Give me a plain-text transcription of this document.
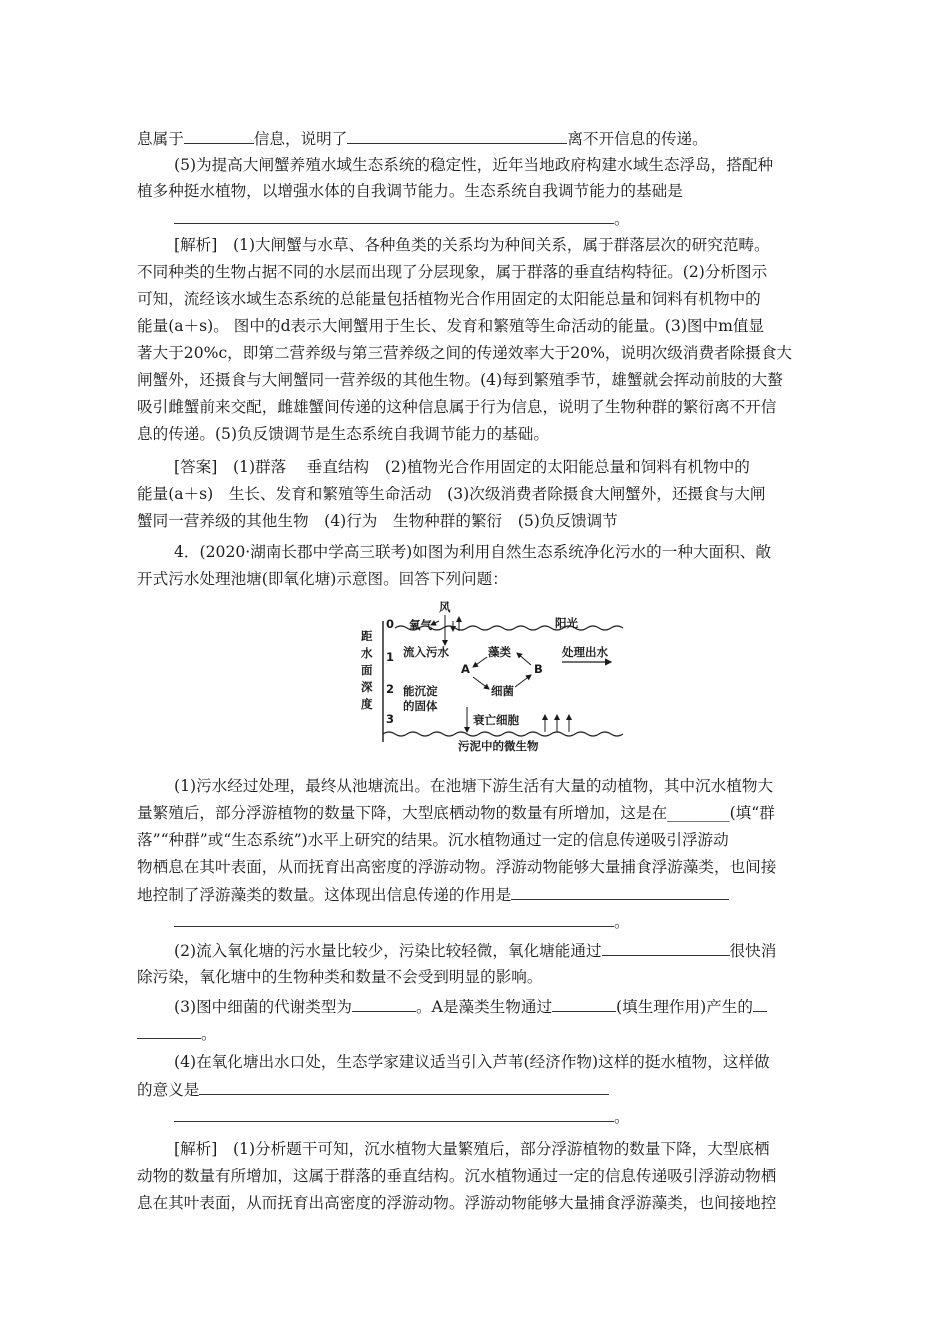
息属于	信息，说明了	离不开信息的传递。
(5)为提高大闸蟹养殖水域生态系统的稳定性，近年当地政府构建水域生态浮岛，搭配种
植多种挺水植物，以增强水体的自我调节能力。生态系统自我调节能力的基础是
。
[解析]　(1)大闸蟹与水草、各种鱼类的关系均为种间关系，属于群落层次的研究范畴。
不同种类的生物占据不同的水层而出现了分层现象，属于群落的垂直结构特征。(2)分析图示
可知，流经该水域生态系统的总能量包括植物光合作用固定的太阳能总量和饲料有机物中的
能量(a＋s)。 图中的d表示大闸蟹用于生长、发育和繁殖等生命活动的能量。(3)图中m值显
著大于20%c，即第二营养级与第三营养级之间的传递效率大于20%，说明次级消费者除摄食大
闸蟹外，还摄食与大闸蟹同一营养级的其他生物。(4)每到繁殖季节，雄蟹就会挥动前肢的大螯
吸引雌蟹前来交配，雌雄蟹间传递的这种信息属于行为信息，说明了生物种群的繁衍离不开信
息的传递。(5)负反馈调节是生态系统自我调节能力的基础。
[答案]　(1)群落　 垂直结构　(2)植物光合作用固定的太阳能总量和饲料有机物中的
能量(a＋s)　生长、发育和繁殖等生命活动　(3)次级消费者除摄食大闸蟹外，还摄食与大闸
蟹同一营养级的其他生物　(4)行为　生物种群的繁衍　(5)负反馈调节
4．(2020·湖南长郡中学高三联考)如图为利用自然生态系统净化污水的一种大面积、敞
开式污水处理池塘(即氧化塘)示意图。回答下列问题：
距
水
面
深
度
0
1
2
3
风
氧气	阳光
流入污水	藻类
A	B
处理出水
细菌
能沉淀
的固体
衰亡细胞
污泥中的微生物
(1)污水经过处理，最终从池塘流出。在池塘下游生活有大量的动植物，其中沉水植物大
量繁殖后，部分浮游植物的数量下降，大型底栖动物的数量有所增加，这是在________(填“群
落”“种群”或“生态系统”)水平上研究的结果。沉水植物通过一定的信息传递吸引浮游动
物栖息在其叶表面，从而抚育出高密度的浮游动物。浮游动物能够大量捕食浮游藻类，也间接
地控制了浮游藻类的数量。这体现出信息传递的作用是
。
(2)流入氧化塘的污水量比较少，污染比较轻微，氧化塘能通过	很快消
除污染，氧化塘中的生物种类和数量不会受到明显的影响。
(3)图中细菌的代谢类型为	。A是藻类生物通过	(填生理作用)产生的
。
(4)在氧化塘出水口处，生态学家建议适当引入芦苇(经济作物)这样的挺水植物，这样做
的意义是
。
[解析]　(1)分析题干可知，沉水植物大量繁殖后，部分浮游植物的数量下降，大型底栖
动物的数量有所增加，这属于群落的垂直结构。沉水植物通过一定的信息传递吸引浮游动物栖
息在其叶表面，从而抚育出高密度的浮游动物。浮游动物能够大量捕食浮游藻类，也间接地控
